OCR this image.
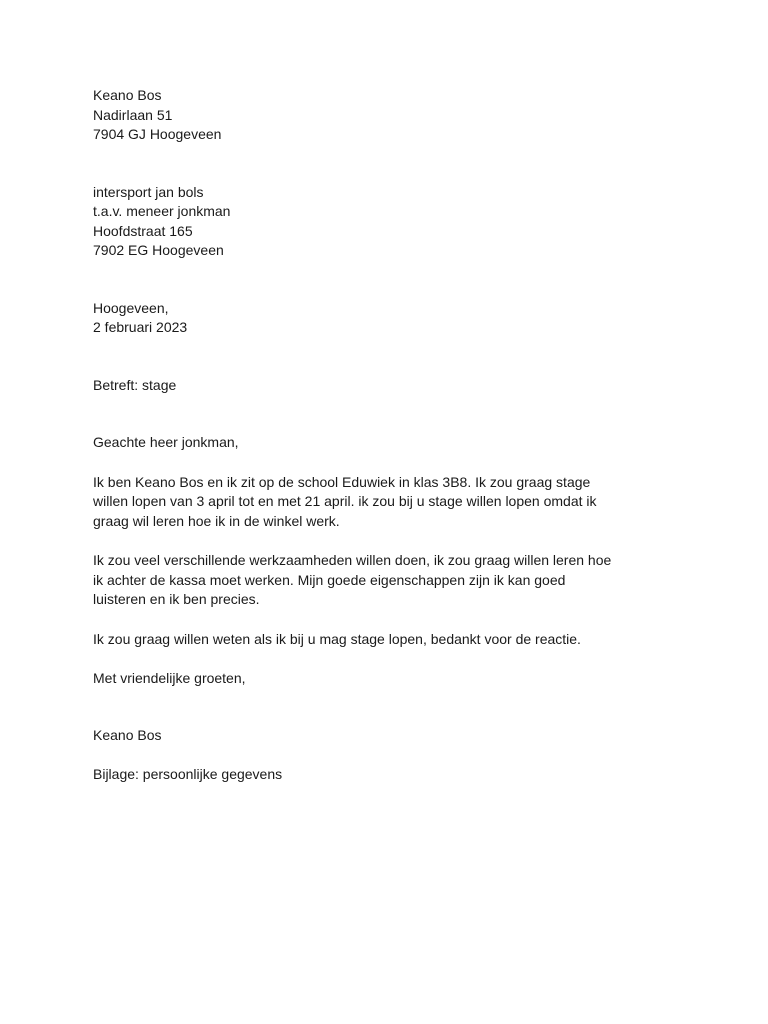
Keano Bos
Nadirlaan 51
7904 GJ Hoogeveen
intersport jan bols
t.a.v. meneer jonkman
Hoofdstraat 165
7902 EG Hoogeveen
Hoogeveen,
2 februari 2023
Betreft: stage
Geachte heer jonkman,
Ik ben Keano Bos en ik zit op de school Eduwiek in klas 3B8. Ik zou graag stage
willen lopen van 3 april tot en met 21 april. ik zou bij u stage willen lopen omdat ik
graag wil leren hoe ik in de winkel werk.
Ik zou veel verschillende werkzaamheden willen doen, ik zou graag willen leren hoe
ik achter de kassa moet werken. Mijn goede eigenschappen zijn ik kan goed
luisteren en ik ben precies.
Ik zou graag willen weten als ik bij u mag stage lopen, bedankt voor de reactie.
Met vriendelijke groeten,
Keano Bos
Bijlage: persoonlijke gegevens
